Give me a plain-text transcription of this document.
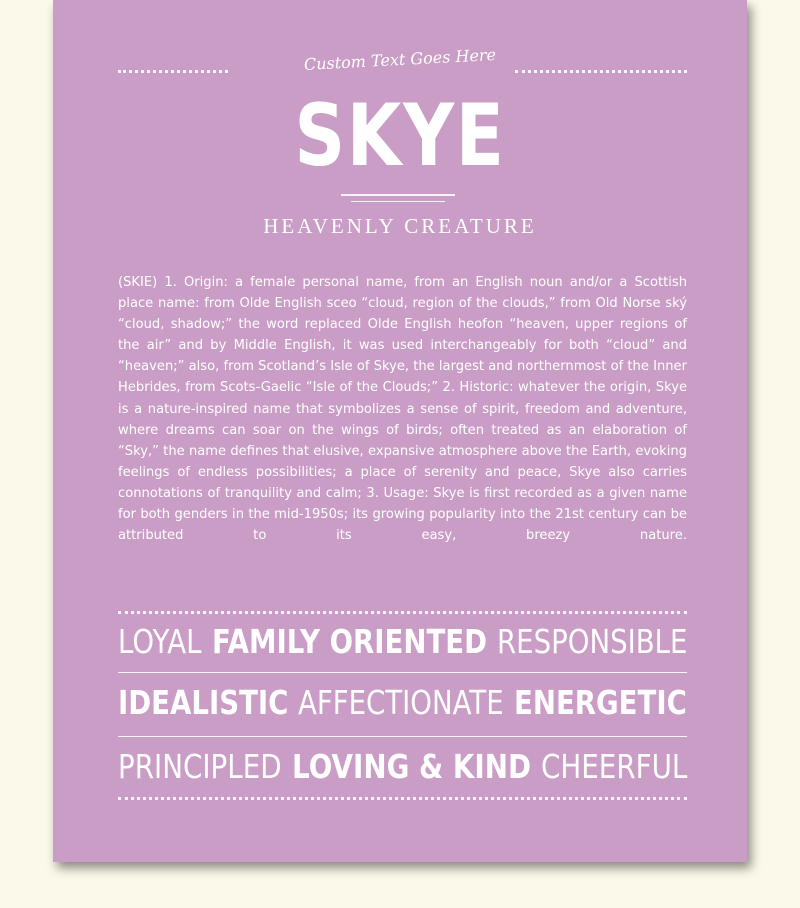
Custom Text Goes Here
SKYE
HEAVENLY CREATURE

(SKIE) 1. Origin: a female personal name, from an English noun and/or a Scottish place name: from Olde English sceo “cloud, region of the clouds,” from Old Norse ský “cloud, shadow;” the word replaced Olde English heofon “heaven, upper regions of the air” and by Middle English, it was used interchangeably for both “cloud” and “heaven;” also, from Scotland’s Isle of Skye, the largest and northernmost of the Inner Hebrides, from Scots-Gaelic “Isle of the Clouds;” 2. Historic: whatever the origin, Skye is a nature-inspired name that symbolizes a sense of spirit, freedom and adventure, where dreams can soar on the wings of birds; often treated as an elaboration of “Sky,” the name defines that elusive, expansive atmosphere above the Earth, evoking feelings of endless possibilities; a place of serenity and peace, Skye also carries connotations of tranquility and calm; 3. Usage: Skye is first recorded as a given name for both genders in the mid-1950s; its growing popularity into the 21st century can be attributed to its easy, breezy nature.

LOYAL FAMILY ORIENTED RESPONSIBLE
IDEALISTIC AFFECTIONATE ENERGETIC
PRINCIPLED LOVING & KIND CHEERFUL
